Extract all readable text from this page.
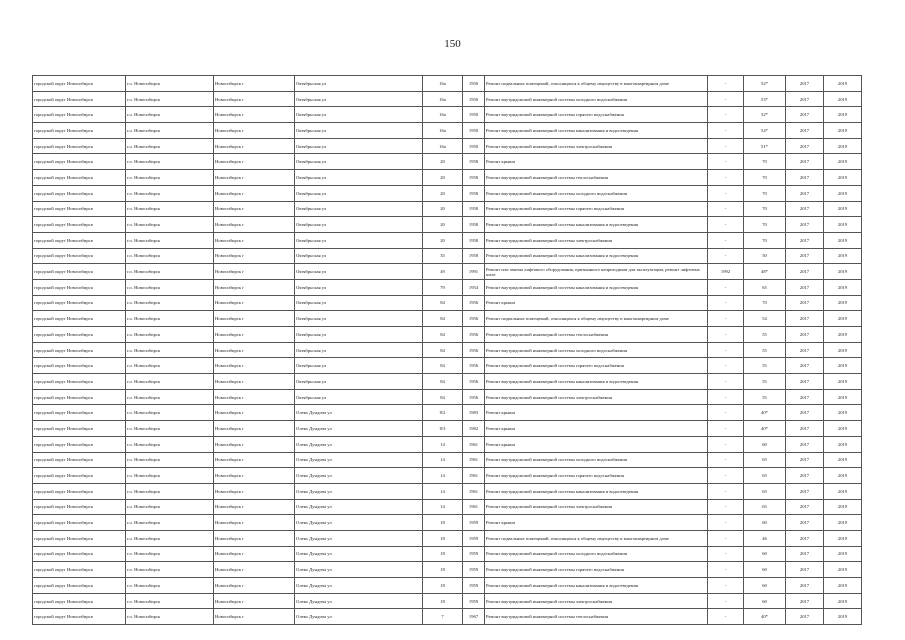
150
городской округ Новосибирск	г.о. Новосибирск	Новосибирск г	Октябрьская ул	16а	1950	Ремонт подвальных помещений, относящихся к общему имуществу в многоквартирном доме	-	52*	2017	2019
городской округ Новосибирск	г.о. Новосибирск	Новосибирск г	Октябрьская ул	16а	1950	Ремонт внутридомовой инженерной системы холодного водоснабжения	-	53*	2017	2019
городской округ Новосибирск	г.о. Новосибирск	Новосибирск г	Октябрьская ул	16а	1950	Ремонт внутридомовой инженерной системы горячего водоснабжения	-	52*	2017	2019
городской округ Новосибирск	г.о. Новосибирск	Новосибирск г	Октябрьская ул	16а	1950	Ремонт внутридомовой инженерной системы канализования и водоотведения	-	54*	2017	2019
городской округ Новосибирск	г.о. Новосибирск	Новосибирск г	Октябрьская ул	16а	1950	Ремонт внутридомовой инженерной системы электроснабжения	-	51*	2017	2019
городской округ Новосибирск	г.о. Новосибирск	Новосибирск г	Октябрьская ул	20	1958	Ремонт крыши	-	70	2017	2019
городской округ Новосибирск	г.о. Новосибирск	Новосибирск г	Октябрьская ул	20	1958	Ремонт внутридомовой инженерной системы теплоснабжения	-	70	2017	2019
городской округ Новосибирск	г.о. Новосибирск	Новосибирск г	Октябрьская ул	20	1958	Ремонт внутридомовой инженерной системы холодного водоснабжения	-	70	2017	2019
городской округ Новосибирск	г.о. Новосибирск	Новосибирск г	Октябрьская ул	20	1958	Ремонт внутридомовой инженерной системы горячего водоснабжения	-	70	2017	2019
городской округ Новосибирск	г.о. Новосибирск	Новосибирск г	Октябрьская ул	20	1958	Ремонт внутридомовой инженерной системы канализования и водоотведения	-	70	2017	2019
городской округ Новосибирск	г.о. Новосибирск	Новосибирск г	Октябрьская ул	20	1958	Ремонт внутридомовой инженерной системы электроснабжения	-	70	2017	2019
городской округ Новосибирск	г.о. Новосибирск	Новосибирск г	Октябрьская ул	35	1958	Ремонт внутридомовой инженерной системы канализования и водоотведения	-	50	2017	2019
городской округ Новосибирск	г.о. Новосибирск	Новосибирск г	Октябрьская ул	49	1991	Ремонт или замена лифтового оборудования, признанного непригодным для эксплуатации, ремонт лифтовых шахт	1992	48*	2017	2019
городской округ Новосибирск	г.о. Новосибирск	Новосибирск г	Октябрьская ул	79	1954	Ремонт внутридомовой инженерной системы канализования и водоотведения	-	65	2017	2019
городской округ Новосибирск	г.о. Новосибирск	Новосибирск г	Октябрьская ул	84	1956	Ремонт крыши	-	70	2017	2019
городской округ Новосибирск	г.о. Новосибирск	Новосибирск г	Октябрьская ул	84	1956	Ремонт подвальных помещений, относящихся к общему имуществу в многоквартирном доме	-	54	2017	2019
городской округ Новосибирск	г.о. Новосибирск	Новосибирск г	Октябрьская ул	84	1956	Ремонт внутридомовой инженерной системы теплоснабжения	-	55	2017	2019
городской округ Новосибирск	г.о. Новосибирск	Новосибирск г	Октябрьская ул	84	1956	Ремонт внутридомовой инженерной системы холодного водоснабжения	-	55	2017	2019
городской округ Новосибирск	г.о. Новосибирск	Новосибирск г	Октябрьская ул	84	1956	Ремонт внутридомовой инженерной системы горячего водоснабжения	-	55	2017	2019
городской округ Новосибирск	г.о. Новосибирск	Новосибирск г	Октябрьская ул	84	1956	Ремонт внутридомовой инженерной системы канализования и водоотведения	-	55	2017	2019
городской округ Новосибирск	г.о. Новосибирск	Новосибирск г	Октябрьская ул	84	1956	Ремонт внутридомовой инженерной системы электроснабжения	-	55	2017	2019
городской округ Новосибирск	г.о. Новосибирск	Новосибирск г	Олеко Дундича ул	8/2	1983	Ремонт крыши	-	40*	2017	2019
городской округ Новосибирск	г.о. Новосибирск	Новосибирск г	Олеко Дундича ул	8/3	1982	Ремонт крыши	-	40*	2017	2019
городской округ Новосибирск	г.о. Новосибирск	Новосибирск г	Олеко Дундича ул	14	1961	Ремонт крыши	-	60	2017	2019
городской округ Новосибирск	г.о. Новосибирск	Новосибирск г	Олеко Дундича ул	14	1961	Ремонт внутридомовой инженерной системы холодного водоснабжения	-	65	2017	2019
городской округ Новосибирск	г.о. Новосибирск	Новосибирск г	Олеко Дундича ул	14	1961	Ремонт внутридомовой инженерной системы горячего водоснабжения	-	65	2017	2019
городской округ Новосибирск	г.о. Новосибирск	Новосибирск г	Олеко Дундича ул	14	1961	Ремонт внутридомовой инженерной системы канализования и водоотведения	-	65	2017	2019
городской округ Новосибирск	г.о. Новосибирск	Новосибирск г	Олеко Дундича ул	14	1961	Ремонт внутридомовой инженерной системы электроснабжения	-	65	2017	2019
городской округ Новосибирск	г.о. Новосибирск	Новосибирск г	Олеко Дундича ул	18	1959	Ремонт крыши	-	60	2017	2019
городской округ Новосибирск	г.о. Новосибирск	Новосибирск г	Олеко Дундича ул	18	1959	Ремонт подвальных помещений, относящихся к общему имуществу в многоквартирном доме	-	46	2017	2019
городской округ Новосибирск	г.о. Новосибирск	Новосибирск г	Олеко Дундича ул	18	1959	Ремонт внутридомовой инженерной системы холодного водоснабжения	-	60	2017	2019
городской округ Новосибирск	г.о. Новосибирск	Новосибирск г	Олеко Дундича ул	18	1959	Ремонт внутридомовой инженерной системы горячего водоснабжения	-	60	2017	2019
городской округ Новосибирск	г.о. Новосибирск	Новосибирск г	Олеко Дундича ул	18	1959	Ремонт внутридомовой инженерной системы канализования и водоотведения	-	60	2017	2019
городской округ Новосибирск	г.о. Новосибирск	Новосибирск г	Олеко Дундича ул	18	1959	Ремонт внутридомовой инженерной системы электроснабжения	-	60	2017	2019
городской округ Новосибирск	г.о. Новосибирск	Новосибирск г	Олеко Дундича ул	7	1967	Ремонт внутридомовой инженерной системы теплоснабжения	-	40*	2017	2019
